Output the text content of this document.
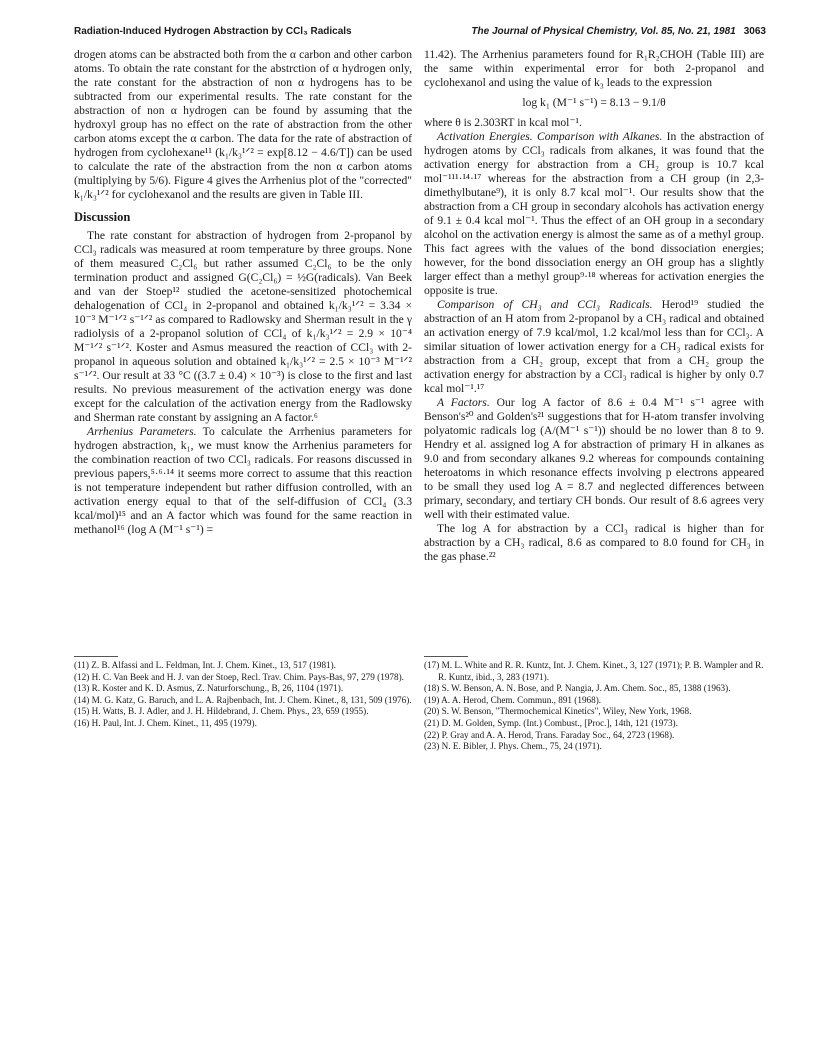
Radiation-Induced Hydrogen Abstraction by CCl₃ Radicals	The Journal of Physical Chemistry, Vol. 85, No. 21, 1981 3063

drogen atoms can be abstracted both from the α carbon and other carbon atoms. To obtain the rate constant for the abstrction of α hydrogen only, the rate constant for the abstraction of non α hydrogens has to be subtracted from our experimental results. The rate constant for the abstraction of non α hydrogen can be found by assuming that the hydroxyl group has no effect on the rate of abstraction from the other carbon atoms except the α carbon. The data for the rate of abstraction of hydrogen from cyclohexane¹¹ (k₁/k₃¹ᐟ² = exp[8.12 − 4.6/T]) can be used to calculate the rate of the abstraction from the non α carbon atoms (multiplying by 5/6). Figure 4 gives the Arrhenius plot of the "corrected" k₁/k₃¹ᐟ² for cyclohexanol and the results are given in Table III.

Discussion

The rate constant for abstraction of hydrogen from 2-propanol by CCl₃ radicals was measured at room temperature by three groups. None of them measured C₂Cl₆ but rather assumed C₂Cl₆ to be the only termination product and assigned G(C₂Cl₆) = ½G(radicals). Van Beek and van der Stoep¹² studied the acetone-sensitized photochemical dehalogenation of CCl₄ in 2-propanol and obtained k₁/k₃¹ᐟ² = 3.34 × 10⁻³ M⁻¹ᐟ² s⁻¹ᐟ² as compared to Radlowsky and Sherman result in the γ radiolysis of a 2-propanol solution of CCl₄ of k₁/k₃¹ᐟ² = 2.9 × 10⁻⁴ M⁻¹ᐟ² s⁻¹ᐟ². Koster and Asmus measured the reaction of CCl₃ with 2-propanol in aqueous solution and obtained k₁/k₃¹ᐟ² = 2.5 × 10⁻³ M⁻¹ᐟ² s⁻¹ᐟ². Our result at 33 °C ((3.7 ± 0.4) × 10⁻³) is close to the first and last results. No previous measurement of the activation energy was done except for the calculation of the activation energy from the Radlowsky and Sherman rate constant by assigning an A factor.⁶

Arrhenius Parameters. To calculate the Arrhenius parameters for hydrogen abstraction, k₁, we must know the Arrhenius parameters for the combination reaction of two CCl₃ radicals. For reasons discussed in previous papers,⁵·⁶·¹⁴ it seems more correct to assume that this reaction is not temperature independent but rather diffusion controlled, with an activation energy equal to that of the self-diffusion of CCl₄ (3.3 kcal/mol)¹⁵ and an A factor which was found for the same reaction in methanol¹⁶ (log A (M⁻¹ s⁻¹) =

11.42). The Arrhenius parameters found for R₁R₂CHOH (Table III) are the same within experimental error for both 2-propanol and cyclohexanol and using the value of k₃ leads to the expression

log k₁ (M⁻¹ s⁻¹) = 8.13 − 9.1/θ

where θ is 2.303RT in kcal mol⁻¹.

Activation Energies. Comparison with Alkanes. In the abstraction of hydrogen atoms by CCl₃ radicals from alkanes, it was found that the activation energy for abstraction from a CH₂ group is 10.7 kcal mol⁻¹¹¹·¹⁴·¹⁷ whereas for the abstraction from a CH group (in 2,3-dimethylbutane⁹), it is only 8.7 kcal mol⁻¹. Our results show that the abstraction from a CH group in secondary alcohols has activation energy of 9.1 ± 0.4 kcal mol⁻¹. Thus the effect of an OH group in a secondary alcohol on the activation energy is almost the same as of a methyl group. This fact agrees with the values of the bond dissociation energies; however, for the bond dissociation energy an OH group has a slightly larger effect than a methyl group⁹·¹⁸ whereas for activation energies the opposite is true.

Comparison of CH₃ and CCl₃ Radicals. Herod¹⁹ studied the abstraction of an H atom from 2-propanol by a CH₃ radical and obtained an activation energy of 7.9 kcal/mol, 1.2 kcal/mol less than for CCl₃. A similar situation of lower activation energy for a CH₃ radical exists for abstraction from a CH₂ group, except that from a CH₂ group the activation energy for abstraction by a CCl₃ radical is higher by only 0.7 kcal mol⁻¹.¹⁷

A Factors. Our log A factor of 8.6 ± 0.4 M⁻¹ s⁻¹ agree with Benson's²⁰ and Golden's²¹ suggestions that for H-atom transfer involving polyatomic radicals log (A/(M⁻¹ s⁻¹)) should be no lower than 8 to 9. Hendry et al. assigned log A for abstraction of primary H in alkanes as 9.0 and from secondary alkanes 9.2 whereas for compounds containing heteroatoms in which resonance effects involving p electrons appeared to be small they used log A = 8.7 and neglected differences between primary, secondary, and tertiary CH bonds. Our result of 8.6 agrees very well with their estimated value.

The log A for abstraction by a CCl₃ radical is higher than for abstraction by a CH₃ radical, 8.6 as compared to 8.0 found for CH₃ in the gas phase.²²

(11) Z. B. Alfassi and L. Feldman, Int. J. Chem. Kinet., 13, 517 (1981).
(12) H. C. Van Beek and H. J. van der Stoep, Recl. Trav. Chim. Pays-Bas, 97, 279 (1978).
(13) R. Koster and K. D. Asmus, Z. Naturforschung., B, 26, 1104 (1971).
(14) M. G. Katz, G. Baruch, and L. A. Rajbenbach, Int. J. Chem. Kinet., 8, 131, 509 (1976).
(15) H. Watts, B. J. Adler, and J. H. Hildebrand, J. Chem. Phys., 23, 659 (1955).
(16) H. Paul, Int. J. Chem. Kinet., 11, 495 (1979).
(17) M. L. White and R. R. Kuntz, Int. J. Chem. Kinet., 3, 127 (1971); P. B. Wampler and R. R. Kuntz, ibid., 3, 283 (1971).
(18) S. W. Benson, A. N. Bose, and P. Nangia, J. Am. Chem. Soc., 85, 1388 (1963).
(19) A. A. Herod, Chem. Commun., 891 (1968).
(20) S. W. Benson, "Thermochemical Kinetics", Wiley, New York, 1968.
(21) D. M. Golden, Symp. (Int.) Combust., [Proc.], 14th, 121 (1973).
(22) P. Gray and A. A. Herod, Trans. Faraday Soc., 64, 2723 (1968).
(23) N. E. Bibler, J. Phys. Chem., 75, 24 (1971).
